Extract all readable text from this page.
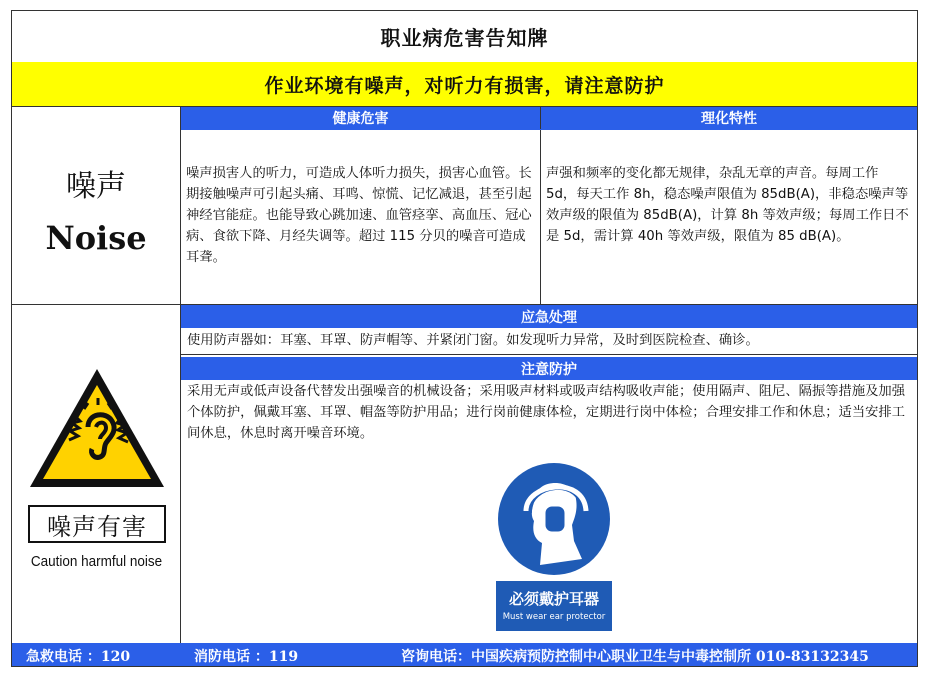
职业病危害告知牌
作业环境有噪声，对听力有损害，请注意防护
噪声
Noise
噪声有害
Caution harmful noise
健康危害	理化特性
噪声损害人的听力，可造成人体听力损失，损害心血管。长期接触噪声可引起头痛、耳鸣、惊慌、记忆减退，甚至引起神经官能症。也能导致心跳加速、血管痉挛、高血压、冠心病、食欲下降、月经失调等。超过 115 分贝的噪音可造成耳聋。
声强和频率的变化都无规律，杂乱无章的声音。每周工作 5d，每天工作 8h，稳态噪声限值为 85dB(A)，非稳态噪声等效声级的限值为 85dB(A)，计算 8h 等效声级；每周工作日不是 5d，需计算 40h 等效声级，限值为 85 dB(A)。
应急处理
使用防声器如：耳塞、耳罩、防声帽等、并紧闭门窗。如发现听力异常，及时到医院检查、确诊。
注意防护
采用无声或低声设备代替发出强噪音的机械设备；采用吸声材料或吸声结构吸收声能；使用隔声、阻尼、隔振等措施及加强个体防护，佩戴耳塞、耳罩、帽盔等防护用品；进行岗前健康体检，定期进行岗中体检；合理安排工作和休息；适当安排工间休息，休息时离开噪音环境。
必须戴护耳器
Must wear ear protector
急救电话 ：120	消防电话 ：119	咨询电话：中国疾病预防控制中心职业卫生与中毒控制所 010-83132345
